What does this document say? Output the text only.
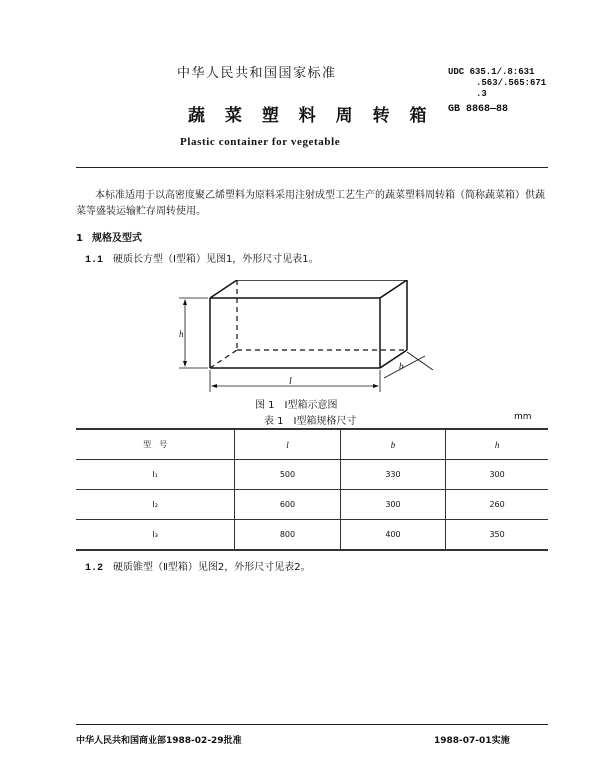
中华人民共和国国家标准	UDC 635.1/.8:631
.563/.565:671
.3
GB 8868—88
蔬 菜 塑 料 周 转 箱
Plastic container for vegetable
本标准适用于以高密度聚乙烯塑料为原料采用注射成型工艺生产的蔬菜塑料周转箱（简称蔬菜箱）供蔬菜等盛装运输贮存周转使用。
1 规格及型式
1.1 硬质长方型（Ⅰ型箱）见图1，外形尺寸见表1。
h
l
b
图 1　Ⅰ型箱示意图
表 1　Ⅰ型箱规格尺寸	mm
型　号	l	b	h
Ⅰ₁	500	330	300
Ⅰ₂	600	300	260
Ⅰ₃	800	400	350
1.2 硬质锥型（Ⅱ型箱）见图2，外形尺寸见表2。
中华人民共和国商业部1988-02-29批准	1988-07-01实施
